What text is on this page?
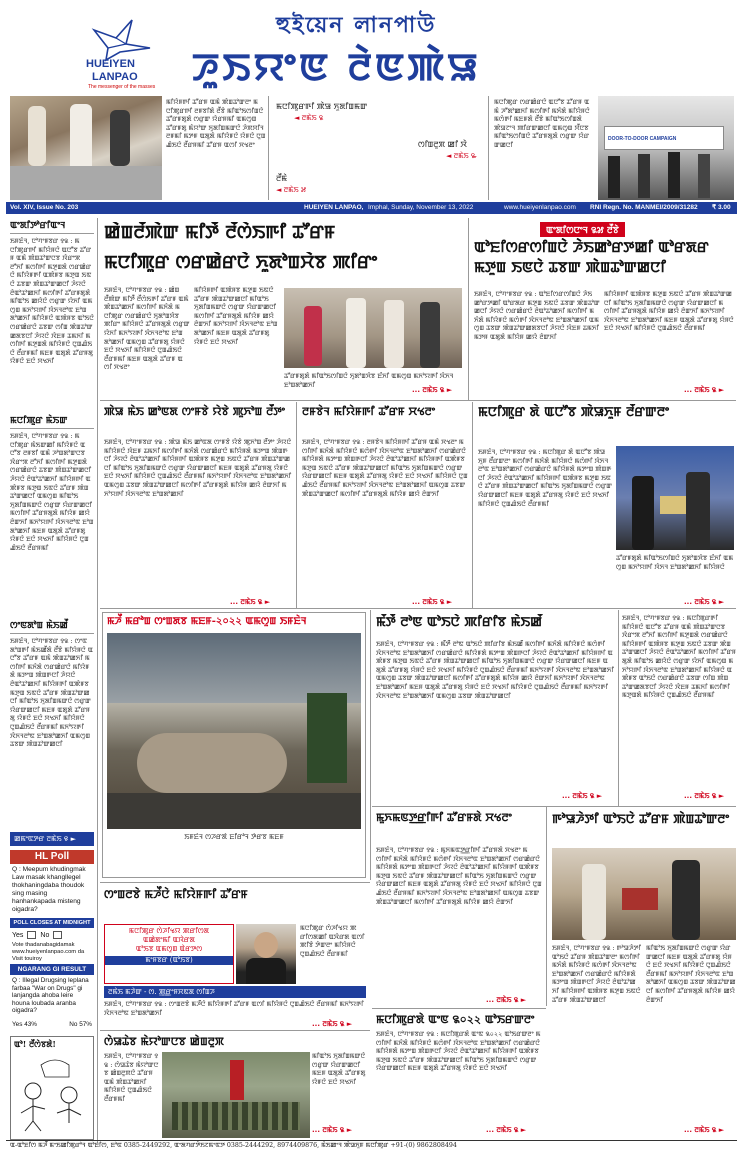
HUEIYEN
LANPAO
The messenger of the masses
হুইয়েন লানপাউ
ꯍꯨꯏꯌꯦꯟ ꯂꯥꯟꯄꯥꯎ
ꯃꯤꯌꯥꯝꯒꯤ ꯊꯧꯔꯝ ꯑꯃꯥ ꯄꯥꯡꯊꯣꯛꯂꯦ ꯃꯅꯤꯄꯨꯔꯒꯤ ꯂꯝꯕꯤꯗꯥ ꯂꯩꯕꯥ ꯃꯤꯑꯣꯏꯁꯤꯡꯅꯥ ꯊꯧꯔꯝꯗꯨꯗꯥ ꯁꯔꯨꯛ ꯌꯥꯔꯝꯃꯤ ꯑꯃꯁꯨꯡ ꯊꯧꯔꯝꯗꯨ ꯃꯥꯌꯣꯛ ꯈꯨꯗꯤꯡꯃꯛꯅꯥ ꯍꯥꯞꯆꯤꯜꯂꯝꯃꯤ ꯃꯇꯝ ꯑꯗꯨꯗꯥ ꯃꯤꯌꯥꯝꯅꯥ ꯌꯥꯝꯅꯥ ꯅꯨꯡꯉꯥꯏꯅꯥ ꯂꯩꯔꯝꯃꯤ ꯊꯧꯔꯝ ꯑꯁꯤ ꯆꯠꯂꯦ
ꯃꯅꯤꯄꯨꯔꯒꯤ ꯄꯥꯎ ꯈꯨꯗꯤꯡꯃꯛ
◄ ꯂꯃꯥꯏ ꯲
ꯁꯤꯡꯂꯨꯞ ꯀꯤ ꯋꯥ
◄ ꯂꯃꯥꯏ ꯳
ꯂꯩꯃꯥ
◄ ꯂꯃꯥꯏ ꯷
ꯃꯅꯤꯄꯨꯔ ꯁꯔꯀꯥꯔꯅꯥ ꯑꯅꯧꯕ ꯊꯧꯔꯝ ꯑꯃꯥ ꯍꯧꯗꯣꯀꯈꯤ ꯃꯁꯤꯒꯤ ꯃꯈꯥꯗꯥ ꯃꯤꯌꯥꯝꯅꯥ ꯃꯁꯥꯒꯤ ꯃꯐꯝꯗꯥ ꯂꯩꯕꯥ ꯃꯤꯑꯣꯏꯁꯤꯡꯗꯥ ꯄꯥꯎꯖꯦꯜ ꯄꯤꯔꯛꯀꯅꯤ ꯑꯃꯁꯨꯡ ꯆꯩꯅꯕ ꯃꯤꯑꯣꯏꯁꯤꯡꯅꯥ ꯊꯧꯔꯝꯗꯨꯗꯥ ꯁꯔꯨꯛ ꯌꯥꯔꯛꯀꯅꯤ
DOOR-TO-DOOR CAMPAIGN
Vol. XIV, Issue No. 203	HUEIYEN LANPAO, Imphal, Sunday, November 13, 2022	www.hueiyenlanpao.com RNI Regn. No. MANMEI/2009/31282 ₹ 3.00
ꯑꯦꯗꯤꯇꯣꯔꯤꯑꯦꯜ
ꯏꯝꯐꯥꯜ, ꯅꯣꯚꯦꯝꯕꯔ ꯱꯲ : ꯃꯅꯤꯄꯨꯔꯒꯤ ꯃꯤꯌꯥꯝꯅꯥ ꯑꯅꯧꯕ ꯊꯧꯔꯝ ꯑꯃꯥ ꯄꯥꯡꯊꯣꯛꯅꯕ ꯋꯥꯔꯦꯞ ꯂꯧꯈꯤ ꯃꯁꯤꯒꯤ ꯃꯇꯨꯡꯗꯥ ꯁꯔꯀꯥꯔꯅꯥ ꯃꯤꯌꯥꯝꯒꯤ ꯑꯄꯥꯝꯕ ꯃꯇꯨꯡ ꯏꯟꯅꯥ ꯊꯕꯛ ꯄꯥꯡꯊꯣꯛꯀꯅꯤ ꯍꯥꯌꯅꯥ ꯂꯥꯑꯣꯊꯣꯀꯈꯤ ꯃꯁꯤꯒꯤ ꯊꯧꯔꯝꯗꯨꯗꯥ ꯃꯤꯑꯣꯏ ꯀꯌꯥꯅꯥ ꯁꯔꯨꯛ ꯌꯥꯈꯤ ꯑꯃꯁꯨꯡ ꯃꯈꯣꯌꯒꯤ ꯋꯥꯈꯜꯂꯣꯟ ꯐꯣꯡꯗꯣꯀꯈꯤ ꯃꯤꯌꯥꯝꯅꯥ ꯑꯄꯥꯝꯕ ꯑꯣꯏꯅꯥ ꯁꯔꯀꯥꯔꯅꯥ ꯊꯕꯛ ꯁꯤꯡ ꯄꯥꯡꯊꯣꯛꯀꯗꯕꯅꯤ ꯍꯥꯌꯅꯥ ꯋꯥꯐꯝ ꯊꯃꯈꯤ ꯃꯁꯤꯒꯤ ꯃꯇꯨꯡꯗꯥ ꯃꯤꯌꯥꯝꯅꯥ ꯅꯨꯡꯉꯥꯏꯅꯥ ꯂꯩꯔꯝꯃꯤ ꯃꯐꯝ ꯑꯗꯨꯗꯥ ꯊꯧꯔꯝꯗꯨ ꯌꯥꯝꯅꯥ ꯐꯅꯥ ꯆꯠꯈꯤ
ꯃꯅꯤꯄꯨꯔ ꯃꯥꯏꯛ
ꯏꯝꯐꯥꯜ, ꯅꯣꯚꯦꯝꯕꯔ ꯱꯲ : ꯃꯅꯤꯄꯨꯔ ꯃꯥꯏꯛꯀꯤ ꯃꯤꯌꯥꯝꯅꯥ ꯑꯅꯧꯕ ꯂꯝꯕꯤ ꯑꯃꯥ ꯍꯣꯡꯗꯣꯛꯅꯕ ꯋꯥꯔꯦꯞ ꯂꯧꯈꯤ ꯃꯁꯤꯒꯤ ꯃꯇꯨꯡꯗꯥ ꯁꯔꯀꯥꯔꯅꯥ ꯊꯕꯛ ꯄꯥꯡꯊꯣꯛꯀꯅꯤ ꯍꯥꯌꯅꯥ ꯂꯥꯑꯣꯊꯣꯀꯈꯤ ꯃꯤꯌꯥꯝꯒꯤ ꯑꯄꯥꯝꯕ ꯃꯇꯨꯡ ꯏꯟꯅꯥ ꯊꯧꯔꯝ ꯄꯥꯡꯊꯣꯛꯀꯅꯤ ꯑꯃꯁꯨꯡ ꯃꯤꯑꯣꯏ ꯈꯨꯗꯤꯡꯃꯛꯅꯥ ꯁꯔꯨꯛ ꯌꯥꯔꯛꯀꯅꯤ ꯃꯁꯤꯒꯤ ꯊꯧꯔꯝꯗꯨꯗꯥ ꯃꯤꯌꯥꯝ ꯀꯌꯥ ꯂꯥꯛꯈꯤ ꯃꯈꯣꯌꯒꯤ ꯋꯥꯈꯜꯂꯣꯟ ꯐꯣꯡꯗꯣꯀꯈꯤ ꯃꯐꯝ ꯑꯗꯨꯗꯥ ꯊꯧꯔꯝꯗꯨ ꯌꯥꯝꯅꯥ ꯐꯅꯥ ꯆꯠꯈꯤ ꯃꯤꯌꯥꯝꯅꯥ ꯅꯨꯡꯉꯥꯏꯅꯥ ꯂꯩꯔꯝꯃꯤ
ꯁꯦꯟꯗꯣꯡ ꯃꯥꯏꯀꯩ
ꯏꯝꯐꯥꯜ, ꯅꯣꯚꯦꯝꯕꯔ ꯱꯲ : ꯁꯦꯟꯗꯣꯡꯒꯤ ꯃꯥꯏꯀꯩꯗꯥ ꯂꯩꯕꯥ ꯃꯤꯌꯥꯝꯅꯥ ꯑꯅꯧꯕ ꯊꯧꯔꯝ ꯑꯃꯥ ꯄꯥꯡꯊꯣꯀꯈꯤ ꯃꯁꯤꯒꯤ ꯃꯈꯥꯗꯥ ꯁꯔꯀꯥꯔꯅꯥ ꯃꯤꯌꯥꯝꯗꯥ ꯃꯇꯦꯡ ꯄꯥꯡꯒꯅꯤ ꯍꯥꯌꯅꯥ ꯂꯥꯑꯣꯊꯣꯀꯈꯤ ꯃꯤꯌꯥꯝꯒꯤ ꯑꯄꯥꯝꯕ ꯃꯇꯨꯡ ꯏꯟꯅꯥ ꯊꯧꯔꯝ ꯄꯥꯡꯊꯣꯛꯀꯅꯤ ꯃꯤꯑꯣꯏ ꯈꯨꯗꯤꯡꯃꯛꯅꯥ ꯁꯔꯨꯛ ꯌꯥꯔꯛꯀꯅꯤ ꯃꯐꯝ ꯑꯗꯨꯗꯥ ꯊꯧꯔꯝꯗꯨ ꯌꯥꯝꯅꯥ ꯐꯅꯥ ꯆꯠꯈꯤ ꯃꯤꯌꯥꯝꯅꯥ ꯅꯨꯡꯉꯥꯏꯅꯥ ꯂꯩꯔꯝꯃꯤ ꯃꯈꯣꯌꯒꯤ ꯋꯥꯈꯜꯂꯣꯟ ꯐꯣꯡꯗꯣꯀꯈꯤ ꯑꯃꯁꯨꯡ ꯊꯕꯛ ꯄꯥꯡꯊꯣꯛꯀꯅꯤ
ꯀꯃꯦꯟꯇꯔ ꯂꯃꯥꯏ ꯶ ►
HL Poll
Q : Meepum khudingmak Law masak khangllegel thokhaningdaba thoudok sing masing hanhankapada misteng oigadra?
POLL CLOSES AT MIDNIGHT
Yes No
Vote thadanabagidamak www.hueiyenlanpao.com da Visit touiroy
NGARANG GI RESULT
Q : Illegal Drugsing leplana farbaa "War on Drugs" gi lanjangda ahoba leire houna loubada aranba oigadra?
Yes 43%	No 57%
ꯑꯣ! ꯂꯩꯁꯥꯕꯗꯥ!
ꯀꯥꯡꯂꯩꯄꯥꯛ ꯃꯤꯇꯩ ꯂꯩꯁꯥꯏꯒꯤ ꯊꯧꯔꯝ
ꯃꯅꯤꯄꯨꯔ ꯁꯔꯀꯥꯔꯅꯥ ꯈꯨꯗꯣꯡꯆꯥꯕ ꯄꯤꯔꯦ
ꯏꯝꯐꯥꯜ, ꯅꯣꯚꯦꯝꯕꯔ ꯱꯲ : ꯀꯥꯡꯂꯩꯄꯥꯛ ꯃꯤꯇꯩ ꯂꯩꯁꯥꯏꯒꯤ ꯊꯧꯔꯝ ꯑꯃꯥ ꯄꯥꯡꯊꯣꯀꯈꯤ ꯃꯁꯤꯒꯤ ꯃꯈꯥꯗꯥ ꯃꯅꯤꯄꯨꯔ ꯁꯔꯀꯥꯔꯅꯥ ꯈꯨꯗꯣꯡꯆꯥꯕ ꯄꯤꯔꯦ ꯃꯤꯌꯥꯝꯅꯥ ꯊꯧꯔꯝꯗꯨꯗꯥ ꯁꯔꯨꯛ ꯌꯥꯈꯤ ꯃꯈꯣꯌꯒꯤ ꯋꯥꯈꯜꯂꯣꯟ ꯐꯣꯡꯗꯣꯀꯈꯤ ꯑꯃꯁꯨꯡ ꯊꯧꯔꯝꯗꯨ ꯌꯥꯝꯅꯥ ꯐꯅꯥ ꯆꯠꯈꯤ ꯃꯤꯌꯥꯝꯅꯥ ꯅꯨꯡꯉꯥꯏꯅꯥ ꯂꯩꯔꯝꯃꯤ ꯃꯐꯝ ꯑꯗꯨꯗꯥ ꯊꯧꯔꯝ ꯑꯁꯤ ꯆꯠꯂꯦ
ꯃꯤꯌꯥꯝꯒꯤ ꯑꯄꯥꯝꯕ ꯃꯇꯨꯡ ꯏꯟꯅꯥ ꯊꯧꯔꯝ ꯄꯥꯡꯊꯣꯛꯀꯅꯤ ꯃꯤꯑꯣꯏ ꯈꯨꯗꯤꯡꯃꯛꯅꯥ ꯁꯔꯨꯛ ꯌꯥꯔꯛꯀꯅꯤ ꯃꯁꯤꯒꯤ ꯊꯧꯔꯝꯗꯨꯗꯥ ꯃꯤꯌꯥꯝ ꯀꯌꯥ ꯂꯥꯛꯈꯤ ꯃꯈꯣꯌꯒꯤ ꯋꯥꯈꯜꯂꯣꯟ ꯐꯣꯡꯗꯣꯀꯈꯤ ꯃꯐꯝ ꯑꯗꯨꯗꯥ ꯊꯧꯔꯝꯗꯨ ꯌꯥꯝꯅꯥ ꯐꯅꯥ ꯆꯠꯈꯤ
ꯊꯧꯔꯝꯗꯨꯗꯥ ꯃꯤꯑꯣꯏꯁꯤꯡꯅꯥ ꯈꯨꯗꯣꯡꯆꯥꯕ ꯐꯪꯈꯤ ꯑꯃꯁꯨꯡ ꯃꯈꯣꯌꯒꯤ ꯋꯥꯈꯜ ꯐꯣꯡꯗꯣꯀꯈꯤ
... ꯂꯃꯥꯏ ꯲ ►
ꯑꯦꯗꯤꯁꯅꯦꯜ ꯲꯷ ꯂꯩꯕꯥ
ꯑꯣꯐꯤꯁꯔꯁꯤꯡꯅꯥ ꯍꯥꯏꯀꯣꯔꯇꯀꯤ ꯑꯣꯔꯗꯔ ꯃꯇꯨꯡ ꯏꯟꯅꯥ ꯊꯕꯛ ꯄꯥꯡꯊꯣꯛꯀꯅꯤ
ꯏꯝꯐꯥꯜ, ꯅꯣꯚꯦꯝꯕꯔ ꯱꯲ : ꯑꯣꯐꯤꯁꯔꯁꯤꯡꯅꯥ ꯍꯥꯏꯀꯣꯔꯇꯀꯤ ꯑꯣꯔꯗꯔ ꯃꯇꯨꯡ ꯏꯟꯅꯥ ꯊꯕꯛ ꯄꯥꯡꯊꯣꯛꯀꯅꯤ ꯍꯥꯌꯅꯥ ꯁꯔꯀꯥꯔꯅꯥ ꯂꯥꯑꯣꯊꯣꯀꯈꯤ ꯃꯁꯤꯒꯤ ꯃꯈꯥꯗꯥ ꯃꯤꯌꯥꯝꯅꯥ ꯃꯁꯥꯒꯤ ꯋꯥꯈꯜꯂꯣꯟ ꯐꯣꯡꯗꯣꯀꯈꯤ ꯑꯃꯁꯨꯡ ꯊꯕꯛ ꯄꯥꯡꯊꯣꯛꯀꯗꯕꯅꯤ ꯍꯥꯌꯅꯥ ꯋꯥꯐꯝ ꯊꯃꯈꯤ ꯃꯇꯝ ꯑꯗꯨꯗꯥ ꯃꯤꯌꯥꯝ ꯀꯌꯥ ꯂꯥꯛꯈꯤ
ꯃꯤꯌꯥꯝꯒꯤ ꯑꯄꯥꯝꯕ ꯃꯇꯨꯡ ꯏꯟꯅꯥ ꯊꯧꯔꯝ ꯄꯥꯡꯊꯣꯛꯀꯅꯤ ꯃꯤꯑꯣꯏ ꯈꯨꯗꯤꯡꯃꯛꯅꯥ ꯁꯔꯨꯛ ꯌꯥꯔꯛꯀꯅꯤ ꯃꯁꯤꯒꯤ ꯊꯧꯔꯝꯗꯨꯗꯥ ꯃꯤꯌꯥꯝ ꯀꯌꯥ ꯂꯥꯛꯈꯤ ꯃꯈꯣꯌꯒꯤ ꯋꯥꯈꯜꯂꯣꯟ ꯐꯣꯡꯗꯣꯀꯈꯤ ꯃꯐꯝ ꯑꯗꯨꯗꯥ ꯊꯧꯔꯝꯗꯨ ꯌꯥꯝꯅꯥ ꯐꯅꯥ ꯆꯠꯈꯤ ꯃꯤꯌꯥꯝꯅꯥ ꯅꯨꯡꯉꯥꯏꯅꯥ ꯂꯩꯔꯝꯃꯤ
... ꯂꯃꯥꯏ ꯲ ►
ꯄꯥꯎ ꯃꯥꯏ ꯀꯣꯟꯗ ꯁꯦꯝꯕꯥ ꯌꯥꯕꯥ ꯄꯨꯈꯣꯡ ꯂꯩꯇꯦ
ꯏꯝꯐꯥꯜ, ꯅꯣꯚꯦꯝꯕꯔ ꯱꯲ : ꯄꯥꯎ ꯃꯥꯏ ꯀꯣꯟꯗ ꯁꯦꯝꯕꯥ ꯌꯥꯕꯥ ꯄꯨꯈꯣꯡ ꯂꯩꯇꯦ ꯍꯥꯌꯅꯥ ꯃꯤꯌꯥꯝꯅꯥ ꯋꯥꯐꯝ ꯊꯃꯈꯤ ꯃꯁꯤꯒꯤ ꯃꯈꯥꯗꯥ ꯁꯔꯀꯥꯔꯅꯥ ꯃꯤꯌꯥꯝꯗꯥ ꯃꯇꯦꯡ ꯄꯥꯡꯒꯅꯤ ꯍꯥꯌꯅꯥ ꯂꯥꯑꯣꯊꯣꯀꯈꯤ ꯃꯤꯌꯥꯝꯒꯤ ꯑꯄꯥꯝꯕ ꯃꯇꯨꯡ ꯏꯟꯅꯥ ꯊꯧꯔꯝ ꯄꯥꯡꯊꯣꯛꯀꯅꯤ ꯃꯤꯑꯣꯏ ꯈꯨꯗꯤꯡꯃꯛꯅꯥ ꯁꯔꯨꯛ ꯌꯥꯔꯛꯀꯅꯤ ꯃꯐꯝ ꯑꯗꯨꯗꯥ ꯊꯧꯔꯝꯗꯨ ꯌꯥꯝꯅꯥ ꯐꯅꯥ ꯆꯠꯈꯤ ꯃꯤꯌꯥꯝꯅꯥ ꯅꯨꯡꯉꯥꯏꯅꯥ ꯂꯩꯔꯝꯃꯤ ꯃꯈꯣꯌꯒꯤ ꯋꯥꯈꯜꯂꯣꯟ ꯐꯣꯡꯗꯣꯀꯈꯤ ꯑꯃꯁꯨꯡ ꯊꯕꯛ ꯄꯥꯡꯊꯣꯛꯀꯅꯤ ꯃꯁꯤꯒꯤ ꯊꯧꯔꯝꯗꯨꯗꯥ ꯃꯤꯌꯥꯝ ꯀꯌꯥ ꯂꯥꯛꯈꯤ ꯃꯈꯣꯌꯒꯤ ꯋꯥꯈꯜꯂꯣꯟ ꯐꯣꯡꯗꯣꯀꯈꯤ
... ꯂꯃꯥꯏ ꯲ ►
ꯂꯝꯕꯥꯜ ꯃꯤꯌꯥꯝꯒꯤ ꯊꯧꯔꯝ ꯆꯠꯂꯦ
ꯏꯝꯐꯥꯜ, ꯅꯣꯚꯦꯝꯕꯔ ꯱꯲ : ꯂꯝꯕꯥꯜ ꯃꯤꯌꯥꯝꯒꯤ ꯊꯧꯔꯝ ꯑꯃꯥ ꯆꯠꯂꯦ ꯃꯁꯤꯒꯤ ꯃꯈꯥꯗꯥ ꯃꯤꯌꯥꯝꯅꯥ ꯃꯁꯥꯒꯤ ꯋꯥꯈꯜꯂꯣꯟ ꯐꯣꯡꯗꯣꯀꯈꯤ ꯁꯔꯀꯥꯔꯅꯥ ꯃꯤꯌꯥꯝꯗꯥ ꯃꯇꯦꯡ ꯄꯥꯡꯒꯅꯤ ꯍꯥꯌꯅꯥ ꯂꯥꯑꯣꯊꯣꯀꯈꯤ ꯃꯤꯌꯥꯝꯒꯤ ꯑꯄꯥꯝꯕ ꯃꯇꯨꯡ ꯏꯟꯅꯥ ꯊꯧꯔꯝ ꯄꯥꯡꯊꯣꯛꯀꯅꯤ ꯃꯤꯑꯣꯏ ꯈꯨꯗꯤꯡꯃꯛꯅꯥ ꯁꯔꯨꯛ ꯌꯥꯔꯛꯀꯅꯤ ꯃꯐꯝ ꯑꯗꯨꯗꯥ ꯊꯧꯔꯝꯗꯨ ꯌꯥꯝꯅꯥ ꯐꯅꯥ ꯆꯠꯈꯤ ꯃꯤꯌꯥꯝꯅꯥ ꯅꯨꯡꯉꯥꯏꯅꯥ ꯂꯩꯔꯝꯃꯤ ꯃꯈꯣꯌꯒꯤ ꯋꯥꯈꯜꯂꯣꯟ ꯐꯣꯡꯗꯣꯀꯈꯤ ꯑꯃꯁꯨꯡ ꯊꯕꯛ ꯄꯥꯡꯊꯣꯛꯀꯅꯤ ꯃꯁꯤꯒꯤ ꯊꯧꯔꯝꯗꯨꯗꯥ ꯃꯤꯌꯥꯝ ꯀꯌꯥ ꯂꯥꯛꯈꯤ
... ꯂꯃꯥꯏ ꯲ ►
ꯃꯅꯤꯄꯨꯔ ꯗꯥ ꯑꯅꯧꯕ ꯄꯥꯎꯈꯨꯝ ꯂꯩꯔꯛꯂꯦ
ꯏꯝꯐꯥꯜ, ꯅꯣꯚꯦꯝꯕꯔ ꯱꯲ : ꯃꯅꯤꯄꯨꯔ ꯗꯥ ꯑꯅꯧꯕ ꯄꯥꯎꯈꯨꯝ ꯂꯩꯔꯛꯂꯦ ꯃꯁꯤꯒꯤ ꯃꯈꯥꯗꯥ ꯃꯤꯌꯥꯝꯅꯥ ꯃꯁꯥꯒꯤ ꯋꯥꯈꯜꯂꯣꯟ ꯐꯣꯡꯗꯣꯀꯈꯤ ꯁꯔꯀꯥꯔꯅꯥ ꯃꯤꯌꯥꯝꯗꯥ ꯃꯇꯦꯡ ꯄꯥꯡꯒꯅꯤ ꯍꯥꯌꯅꯥ ꯂꯥꯑꯣꯊꯣꯀꯈꯤ ꯃꯤꯌꯥꯝꯒꯤ ꯑꯄꯥꯝꯕ ꯃꯇꯨꯡ ꯏꯟꯅꯥ ꯊꯧꯔꯝ ꯄꯥꯡꯊꯣꯛꯀꯅꯤ ꯃꯤꯑꯣꯏ ꯈꯨꯗꯤꯡꯃꯛꯅꯥ ꯁꯔꯨꯛ ꯌꯥꯔꯛꯀꯅꯤ ꯃꯐꯝ ꯑꯗꯨꯗꯥ ꯊꯧꯔꯝꯗꯨ ꯌꯥꯝꯅꯥ ꯐꯅꯥ ꯆꯠꯈꯤ ꯃꯤꯌꯥꯝꯅꯥ ꯅꯨꯡꯉꯥꯏꯅꯥ ꯂꯩꯔꯝꯃꯤ
ꯊꯧꯔꯝꯗꯨꯗꯥ ꯃꯤꯑꯣꯏꯁꯤꯡꯅꯥ ꯈꯨꯗꯣꯡꯆꯥꯕ ꯐꯪꯈꯤ ꯑꯃꯁꯨꯡ ꯃꯈꯣꯌꯒꯤ ꯋꯥꯈꯜ ꯐꯣꯡꯗꯣꯀꯈꯤ ꯃꯤꯌꯥꯝꯅꯥ
... ꯂꯃꯥꯏ ꯲ ►
ꯃꯍꯩ ꯃꯔꯣꯡ ꯁꯦꯡꯗꯕ ꯃꯐꯝ-২০২২ ꯑꯃꯁꯨꯡ ꯏꯝꯐꯥꯜ
ꯏꯝꯐꯥꯜ ꯁꯍꯔꯗꯥ ꯐꯤꯔꯣꯜ ꯇꯥꯔꯕ ꯃꯐꯝ
ꯃꯩꯇꯩ ꯂꯣꯟ ꯑꯣꯏꯅꯥ ꯄꯤꯔꯤꯕ ꯃꯥꯏꯀꯩ
ꯏꯝꯐꯥꯜ, ꯅꯣꯚꯦꯝꯕꯔ ꯱꯲ : ꯃꯩꯇꯩ ꯂꯣꯟ ꯑꯣꯏꯅꯥ ꯄꯤꯔꯤꯕ ꯃꯥꯏꯀꯩ ꯃꯁꯤꯒꯤ ꯃꯈꯥꯗꯥ ꯃꯤꯌꯥꯝꯅꯥ ꯃꯁꯥꯒꯤ ꯋꯥꯈꯜꯂꯣꯟ ꯐꯣꯡꯗꯣꯀꯈꯤ ꯁꯔꯀꯥꯔꯅꯥ ꯃꯤꯌꯥꯝꯗꯥ ꯃꯇꯦꯡ ꯄꯥꯡꯒꯅꯤ ꯍꯥꯌꯅꯥ ꯂꯥꯑꯣꯊꯣꯀꯈꯤ ꯃꯤꯌꯥꯝꯒꯤ ꯑꯄꯥꯝꯕ ꯃꯇꯨꯡ ꯏꯟꯅꯥ ꯊꯧꯔꯝ ꯄꯥꯡꯊꯣꯛꯀꯅꯤ ꯃꯤꯑꯣꯏ ꯈꯨꯗꯤꯡꯃꯛꯅꯥ ꯁꯔꯨꯛ ꯌꯥꯔꯛꯀꯅꯤ ꯃꯐꯝ ꯑꯗꯨꯗꯥ ꯊꯧꯔꯝꯗꯨ ꯌꯥꯝꯅꯥ ꯐꯅꯥ ꯆꯠꯈꯤ ꯃꯤꯌꯥꯝꯅꯥ ꯅꯨꯡꯉꯥꯏꯅꯥ ꯂꯩꯔꯝꯃꯤ ꯃꯈꯣꯌꯒꯤ ꯋꯥꯈꯜꯂꯣꯟ ꯐꯣꯡꯗꯣꯀꯈꯤ ꯑꯃꯁꯨꯡ ꯊꯕꯛ ꯄꯥꯡꯊꯣꯛꯀꯅꯤ ꯃꯁꯤꯒꯤ ꯊꯧꯔꯝꯗꯨꯗꯥ ꯃꯤꯌꯥꯝ ꯀꯌꯥ ꯂꯥꯛꯈꯤ ꯃꯈꯣꯌꯒꯤ ꯋꯥꯈꯜꯂꯣꯟ ꯐꯣꯡꯗꯣꯀꯈꯤ ꯃꯐꯝ ꯑꯗꯨꯗꯥ ꯊꯧꯔꯝꯗꯨ ꯌꯥꯝꯅꯥ ꯐꯅꯥ ꯆꯠꯈꯤ ꯃꯤꯌꯥꯝꯅꯥ ꯅꯨꯡꯉꯥꯏꯅꯥ ꯂꯩꯔꯝꯃꯤ ꯃꯈꯣꯌꯒꯤ ꯋꯥꯈꯜꯂꯣꯟ ꯐꯣꯡꯗꯣꯀꯈꯤ ꯑꯃꯁꯨꯡ ꯊꯕꯛ ꯄꯥꯡꯊꯣꯛꯀꯅꯤ
... ꯂꯃꯥꯏ ꯲ ►
ꯏꯝꯐꯥꯜ, ꯅꯣꯚꯦꯝꯕꯔ ꯱꯲ : ꯃꯅꯤꯄꯨꯔꯒꯤ ꯃꯤꯌꯥꯝꯅꯥ ꯑꯅꯧꯕ ꯊꯧꯔꯝ ꯑꯃꯥ ꯄꯥꯡꯊꯣꯛꯅꯕ ꯋꯥꯔꯦꯞ ꯂꯧꯈꯤ ꯃꯁꯤꯒꯤ ꯃꯇꯨꯡꯗꯥ ꯁꯔꯀꯥꯔꯅꯥ ꯃꯤꯌꯥꯝꯒꯤ ꯑꯄꯥꯝꯕ ꯃꯇꯨꯡ ꯏꯟꯅꯥ ꯊꯕꯛ ꯄꯥꯡꯊꯣꯛꯀꯅꯤ ꯍꯥꯌꯅꯥ ꯂꯥꯑꯣꯊꯣꯀꯈꯤ ꯃꯁꯤꯒꯤ ꯊꯧꯔꯝꯗꯨꯗꯥ ꯃꯤꯑꯣꯏ ꯀꯌꯥꯅꯥ ꯁꯔꯨꯛ ꯌꯥꯈꯤ ꯑꯃꯁꯨꯡ ꯃꯈꯣꯌꯒꯤ ꯋꯥꯈꯜꯂꯣꯟ ꯐꯣꯡꯗꯣꯀꯈꯤ ꯃꯤꯌꯥꯝꯅꯥ ꯑꯄꯥꯝꯕ ꯑꯣꯏꯅꯥ ꯁꯔꯀꯥꯔꯅꯥ ꯊꯕꯛ ꯁꯤꯡ ꯄꯥꯡꯊꯣꯛꯀꯗꯕꯅꯤ ꯍꯥꯌꯅꯥ ꯋꯥꯐꯝ ꯊꯃꯈꯤ ꯃꯁꯤꯒꯤ ꯃꯇꯨꯡꯗꯥ ꯃꯤꯌꯥꯝꯅꯥ ꯅꯨꯡꯉꯥꯏꯅꯥ ꯂꯩꯔꯝꯃꯤ
... ꯂꯃꯥꯏ ꯲ ►
ꯃꯨꯈꯃꯟꯇ꯭ꯔꯤꯒꯤ ꯊꯧꯔꯝꯗꯥ ꯆꯠꯂꯦ
ꯏꯝꯐꯥꯜ, ꯅꯣꯚꯦꯝꯕꯔ ꯱꯲ : ꯃꯨꯈꯃꯟꯇ꯭ꯔꯤꯒꯤ ꯊꯧꯔꯝꯗꯥ ꯆꯠꯂꯦ ꯃꯁꯤꯒꯤ ꯃꯈꯥꯗꯥ ꯃꯤꯌꯥꯝꯅꯥ ꯃꯁꯥꯒꯤ ꯋꯥꯈꯜꯂꯣꯟ ꯐꯣꯡꯗꯣꯀꯈꯤ ꯁꯔꯀꯥꯔꯅꯥ ꯃꯤꯌꯥꯝꯗꯥ ꯃꯇꯦꯡ ꯄꯥꯡꯒꯅꯤ ꯍꯥꯌꯅꯥ ꯂꯥꯑꯣꯊꯣꯀꯈꯤ ꯃꯤꯌꯥꯝꯒꯤ ꯑꯄꯥꯝꯕ ꯃꯇꯨꯡ ꯏꯟꯅꯥ ꯊꯧꯔꯝ ꯄꯥꯡꯊꯣꯛꯀꯅꯤ ꯃꯤꯑꯣꯏ ꯈꯨꯗꯤꯡꯃꯛꯅꯥ ꯁꯔꯨꯛ ꯌꯥꯔꯛꯀꯅꯤ ꯃꯐꯝ ꯑꯗꯨꯗꯥ ꯊꯧꯔꯝꯗꯨ ꯌꯥꯝꯅꯥ ꯐꯅꯥ ꯆꯠꯈꯤ ꯃꯤꯌꯥꯝꯅꯥ ꯅꯨꯡꯉꯥꯏꯅꯥ ꯂꯩꯔꯝꯃꯤ ꯃꯈꯣꯌꯒꯤ ꯋꯥꯈꯜꯂꯣꯟ ꯐꯣꯡꯗꯣꯀꯈꯤ ꯑꯃꯁꯨꯡ ꯊꯕꯛ ꯄꯥꯡꯊꯣꯛꯀꯅꯤ ꯃꯁꯤꯒꯤ ꯊꯧꯔꯝꯗꯨꯗꯥ ꯃꯤꯌꯥꯝ ꯀꯌꯥ ꯂꯥꯛꯈꯤ
... ꯂꯃꯥꯏ ꯲ ►
ꯒꯣꯎꯍꯥꯇꯤ ꯑꯣꯏꯅꯥ ꯊꯧꯔꯝ ꯄꯥꯡꯊꯣꯛꯂꯦ
ꯏꯝꯐꯥꯜ, ꯅꯣꯚꯦꯝꯕꯔ ꯱꯲ : ꯒꯣꯎꯍꯥꯇꯤ ꯑꯣꯏꯅꯥ ꯊꯧꯔꯝ ꯄꯥꯡꯊꯣꯛꯂꯦ ꯃꯁꯤꯒꯤ ꯃꯈꯥꯗꯥ ꯃꯤꯌꯥꯝꯅꯥ ꯃꯁꯥꯒꯤ ꯋꯥꯈꯜꯂꯣꯟ ꯐꯣꯡꯗꯣꯀꯈꯤ ꯁꯔꯀꯥꯔꯅꯥ ꯃꯤꯌꯥꯝꯗꯥ ꯃꯇꯦꯡ ꯄꯥꯡꯒꯅꯤ ꯍꯥꯌꯅꯥ ꯂꯥꯑꯣꯊꯣꯀꯈꯤ ꯃꯤꯌꯥꯝꯒꯤ ꯑꯄꯥꯝꯕ ꯃꯇꯨꯡ ꯏꯟꯅꯥ ꯊꯧꯔꯝ ꯄꯥꯡꯊꯣꯛꯀꯅꯤ
ꯃꯤꯑꯣꯏ ꯈꯨꯗꯤꯡꯃꯛꯅꯥ ꯁꯔꯨꯛ ꯌꯥꯔꯛꯀꯅꯤ ꯃꯐꯝ ꯑꯗꯨꯗꯥ ꯊꯧꯔꯝꯗꯨ ꯌꯥꯝꯅꯥ ꯐꯅꯥ ꯆꯠꯈꯤ ꯃꯤꯌꯥꯝꯅꯥ ꯅꯨꯡꯉꯥꯏꯅꯥ ꯂꯩꯔꯝꯃꯤ ꯃꯈꯣꯌꯒꯤ ꯋꯥꯈꯜꯂꯣꯟ ꯐꯣꯡꯗꯣꯀꯈꯤ ꯑꯃꯁꯨꯡ ꯊꯕꯛ ꯄꯥꯡꯊꯣꯛꯀꯅꯤ ꯃꯁꯤꯒꯤ ꯊꯧꯔꯝꯗꯨꯗꯥ ꯃꯤꯌꯥꯝ ꯀꯌꯥ ꯂꯥꯛꯈꯤ
... ꯂꯃꯥꯏ ꯲ ►
ꯁꯦꯡꯂꯕꯥ ꯃꯍꯩꯅꯥ ꯃꯤꯌꯥꯝꯒꯤ ꯊꯧꯔꯝ
ꯃꯅꯤꯄꯨꯔ ꯁꯥꯍꯤꯠꯌ ꯄꯔꯤꯁꯗ
ꯑꯀꯥꯗꯦꯃꯤ ꯑꯋꯥꯔꯗ
ꯑꯣꯏꯕ ꯑꯃꯁꯨꯡ ꯑꯥꯔꯇꯁ
ꯃꯦꯝꯕꯔ (ꯑꯣꯏꯕ)
ꯃꯅꯤꯄꯨꯔ ꯁꯥꯍꯤꯠꯌ ꯄꯔꯤꯁꯗꯀꯤ ꯑꯋꯥꯔꯗ ꯑꯁꯤ ꯄꯤꯕꯥ ꯇꯥꯛꯂꯦ ꯃꯤꯌꯥꯝꯅꯥ ꯅꯨꯡꯉꯥꯏꯅꯥ ꯂꯩꯔꯝꯃꯤ
ꯂꯃꯥꯏ ꯃꯍꯥꯛ - ꯁ. ꯄ꯭ꯔꯦꯝꯆꯟꯗ ꯁꯤꯡꯍ
ꯏꯝꯐꯥꯜ, ꯅꯣꯚꯦꯝꯕꯔ ꯱꯲ : ꯁꯦꯡꯂꯕꯥ ꯃꯍꯩꯅꯥ ꯃꯤꯌꯥꯝꯒꯤ ꯊꯧꯔꯝ ꯑꯁꯤ ꯃꯤꯌꯥꯝꯅꯥ ꯅꯨꯡꯉꯥꯏꯅꯥ ꯂꯩꯔꯝꯃꯤ ꯃꯈꯣꯌꯒꯤ ꯋꯥꯈꯜꯂꯣꯟ ꯐꯣꯡꯗꯣꯀꯈꯤ
... ꯂꯃꯥꯏ ꯲ ►
ꯁꯥꯎꯊꯥꯕ ꯃꯥꯌꯣꯛꯅꯕ ꯀꯥꯡꯂꯨꯞ
ꯏꯝꯐꯥꯜ, ꯅꯣꯚꯦꯝꯕꯔ ꯱꯲ : ꯁꯥꯎꯊꯥꯕ ꯃꯥꯌꯣꯛꯅꯕ ꯀꯥꯡꯂꯨꯞꯅꯥ ꯊꯧꯔꯝ ꯑꯃꯥ ꯄꯥꯡꯊꯣꯀꯈꯤ ꯃꯤꯌꯥꯝꯅꯥ ꯅꯨꯡꯉꯥꯏꯅꯥ ꯂꯩꯔꯝꯃꯤ
ꯃꯤꯑꯣꯏ ꯈꯨꯗꯤꯡꯃꯛꯅꯥ ꯁꯔꯨꯛ ꯌꯥꯔꯛꯀꯅꯤ ꯃꯐꯝ ꯑꯗꯨꯗꯥ ꯊꯧꯔꯝꯗꯨ ꯌꯥꯝꯅꯥ ꯐꯅꯥ ꯆꯠꯈꯤ
... ꯂꯃꯥꯏ ꯲ ►
ꯃꯅꯤꯄꯨꯔꯗꯥ ꯑꯦꯟ ꯲০২২ ꯑꯣꯏꯔꯛꯂꯦ
ꯏꯝꯐꯥꯜ, ꯅꯣꯚꯦꯝꯕꯔ ꯱꯲ : ꯃꯅꯤꯄꯨꯔꯗꯥ ꯑꯦꯟ ꯲০২২ ꯑꯣꯏꯔꯛꯂꯦ ꯃꯁꯤꯒꯤ ꯃꯈꯥꯗꯥ ꯃꯤꯌꯥꯝꯅꯥ ꯃꯁꯥꯒꯤ ꯋꯥꯈꯜꯂꯣꯟ ꯐꯣꯡꯗꯣꯀꯈꯤ ꯁꯔꯀꯥꯔꯅꯥ ꯃꯤꯌꯥꯝꯗꯥ ꯃꯇꯦꯡ ꯄꯥꯡꯒꯅꯤ ꯍꯥꯌꯅꯥ ꯂꯥꯑꯣꯊꯣꯀꯈꯤ ꯃꯤꯌꯥꯝꯒꯤ ꯑꯄꯥꯝꯕ ꯃꯇꯨꯡ ꯏꯟꯅꯥ ꯊꯧꯔꯝ ꯄꯥꯡꯊꯣꯛꯀꯅꯤ ꯃꯤꯑꯣꯏ ꯈꯨꯗꯤꯡꯃꯛꯅꯥ ꯁꯔꯨꯛ ꯌꯥꯔꯛꯀꯅꯤ ꯃꯐꯝ ꯑꯗꯨꯗꯥ ꯊꯧꯔꯝꯗꯨ ꯌꯥꯝꯅꯥ ꯐꯅꯥ ꯆꯠꯈꯤ
... ꯂꯃꯥꯏ ꯲ ►
ꯑ-ꯑꯣꯐꯤꯁ ꯃꯍꯩ ꯃꯦꯏꯀꯤꯄꯨꯔꯣꯜ ꯑꯣꯐꯤꯁ, ꯐꯣꯟ 0385-2449292, ꯑꯦꯗꯚꯔꯇꯥꯏꯖꯃꯦꯟꯇ 0385-2444292, 8974409876, ꯃꯥꯏꯀꯦꯜ ꯄꯥꯎꯈꯨꯝ ꯃꯅꯤꯄꯨꯔ +91-(0) 9862808494
